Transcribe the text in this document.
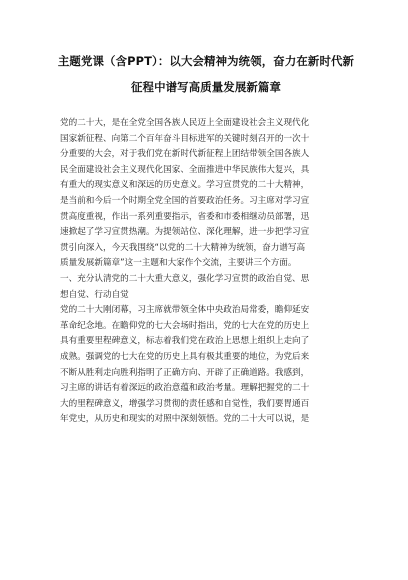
主题党课（含PPT）：以大会精神为统领，奋力在新时代新
征程中谱写高质量发展新篇章
党的二十大，是在全党全国各族人民迈上全面建设社会主义现代化
国家新征程、向第二个百年奋斗目标进军的关键时刻召开的一次十
分重要的大会，对于我们党在新时代新征程上团结带领全国各族人
民全面建设社会主义现代化国家、全面推进中华民族伟大复兴，具
有重大的现实意义和深远的历史意义。学习宣贯党的二十大精神，
是当前和今后一个时期全党全国的首要政治任务。习主席对学习宣
贯高度重视，作出一系列重要指示，省委和市委相继动员部署，迅
速掀起了学习宣贯热潮。为提领站位、深化理解，进一步把学习宣
贯引向深入，今天我围绕“以党的二十大精神为统领，奋力谱写高
质量发展新篇章”这一主题和大家作个交流，主要讲三个方面。
一、充分认清党的二十大重大意义，强化学习宣贯的政治自觉、思
想自觉、行动自觉
党的二十大刚闭幕，习主席就带领全体中央政治局常委，瞻仰延安
革命纪念地。在瞻仰党的七大会场时指出，党的七大在党的历史上
具有重要里程碑意义，标志着我们党在政治上思想上组织上走向了
成熟。强调党的七大在党的历史上具有极其重要的地位，为党后来
不断从胜利走向胜利指明了正确方向、开辟了正确道路。我感到，
习主席的讲话有着深远的政治意蕴和政治考量。理解把握党的二十
大的里程碑意义，增强学习贯彻的责任感和自觉性，我们要胃通百
年党史，从历史和现实的对照中深刻领悟。党的二十大可以说，是
